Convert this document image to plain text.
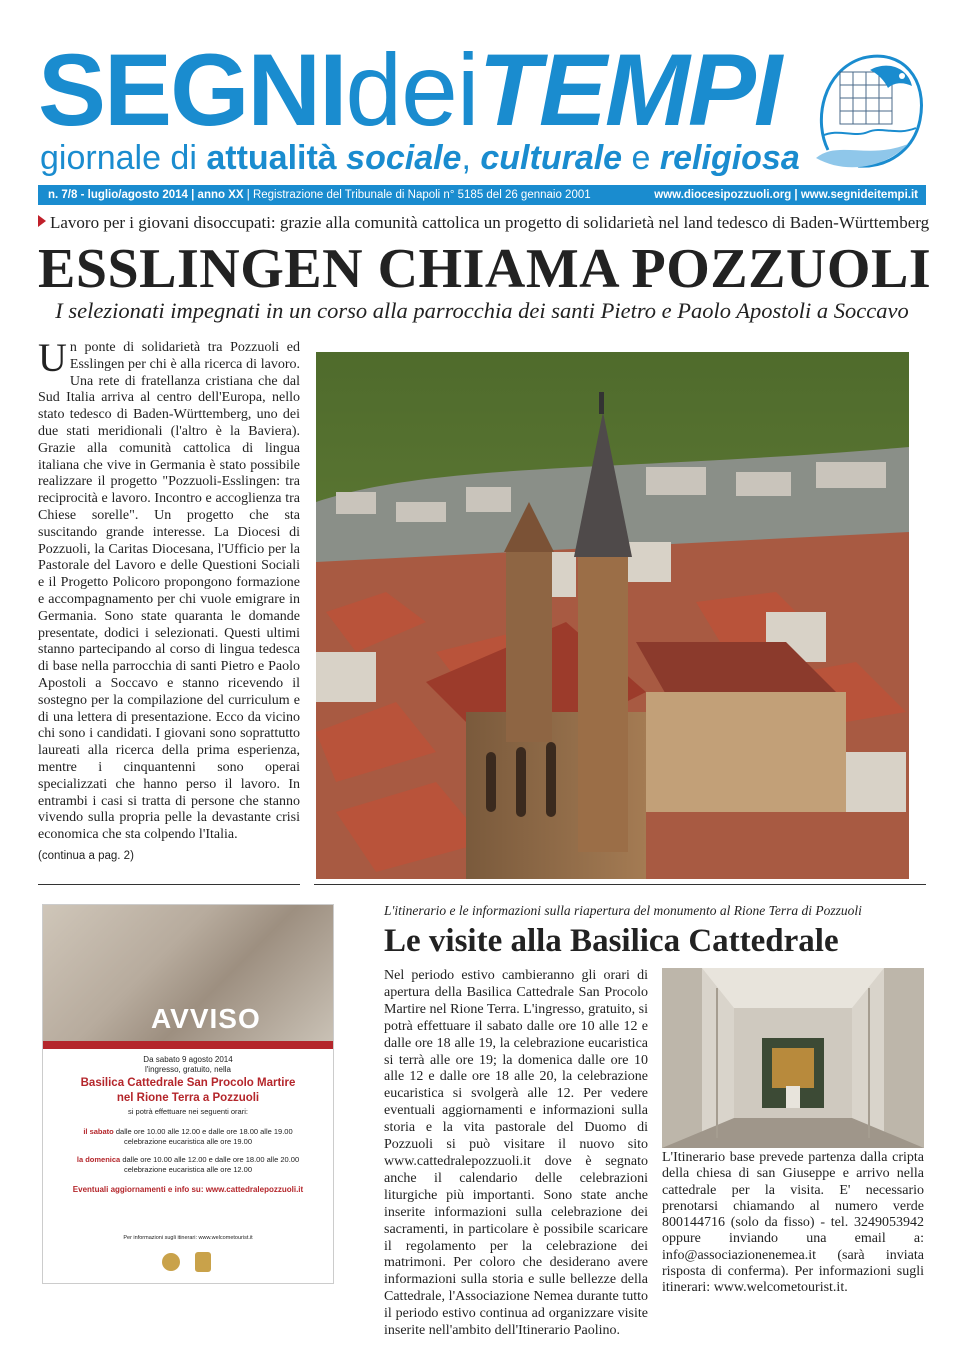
SEGNIdeiTEMPI
giornale di attualità sociale, culturale e religiosa
n. 7/8 - luglio/agosto 2014 | anno XX | Registrazione del Tribunale di Napoli n° 5185 del 26 gennaio 2001	www.diocesipozzuoli.org | www.segnideitempi.it
Lavoro per i giovani disoccupati: grazie alla comunità cattolica un progetto di solidarietà nel land tedesco di Baden-Württemberg
ESSLINGEN CHIAMA POZZUOLI
I selezionati impegnati in un corso alla parrocchia dei santi Pietro e Paolo Apostoli a Soccavo
Un ponte di solidarietà tra Pozzuoli ed Esslingen per chi è alla ricerca di lavoro. Una rete di fratellanza cristiana che dal Sud Italia arriva al centro dell'Europa, nello stato tedesco di Baden-Württemberg, uno dei due stati meridionali (l'altro è la Baviera). Grazie alla comunità cattolica di lingua italiana che vive in Germania è stato possibile realizzare il progetto "Pozzuoli-Esslingen: tra reciprocità e lavoro. Incontro e accoglienza tra Chiese sorelle". Un progetto che sta suscitando grande interesse. La Diocesi di Pozzuoli, la Caritas Diocesana, l'Ufficio per la Pastorale del Lavoro e delle Questioni Sociali e il Progetto Policoro propongono formazione e accompagnamento per chi vuole emigrare in Germania. Sono state quaranta le domande presentate, dodici i selezionati. Questi ultimi stanno partecipando al corso di lingua tedesca di base nella parrocchia di santi Pietro e Paolo Apostoli a Soccavo e stanno ricevendo il sostegno per la compilazione del curriculum e di una lettera di presentazione. Ecco da vicino chi sono i candidati. I giovani sono soprattutto laureati alla ricerca della prima esperienza, mentre i cinquantenni sono operai specializzati che hanno perso il lavoro. In entrambi i casi si tratta di persone che stanno vivendo sulla propria pelle la devastante crisi economica che sta colpendo l'Italia.
(continua a pag. 2)
AVVISO
Da sabato 9 agosto 2014
l'ingresso, gratuito, nella
Basilica Cattedrale San Procolo Martire
nel Rione Terra a Pozzuoli
si potrà effettuare nei seguenti orari:
il sabato dalle ore 10.00 alle 12.00 e dalle ore 18.00 alle 19.00
celebrazione eucaristica alle ore 19.00
la domenica dalle ore 10.00 alle 12.00 e dalle ore 18.00 alle 20.00
celebrazione eucaristica alle ore 12.00
Eventuali aggiornamenti e info su: www.cattedralepozzuoli.it
Per informazioni sugli itinerari: www.welcometourist.it
L'itinerario e le informazioni sulla riapertura del monumento al Rione Terra di Pozzuoli
Le visite alla Basilica Cattedrale
Nel periodo estivo cambieranno gli orari di apertura della Basilica Cattedrale San Procolo Martire nel Rione Terra. L'ingresso, gratuito, si potrà effettuare il sabato dalle ore 10 alle 12 e dalle ore 18 alle 19, la celebrazione eucaristica si terrà alle ore 19; la domenica dalle ore 10 alle 12 e dalle ore 18 alle 20, la celebrazione eucaristica si svolgerà alle 12. Per vedere eventuali aggiornamenti e informazioni sulla storia e la vita pastorale del Duomo di Pozzuoli si può visitare il nuovo sito www.cattedralepozzuoli.it dove è segnato anche il calendario delle celebrazioni liturgiche più importanti. Sono state anche inserite informazioni sulla celebrazione dei sacramenti, in particolare è possibile scaricare il regolamento per la celebrazione dei matrimoni. Per coloro che desiderano avere informazioni sulla storia e sulle bellezze della Cattedrale, l'Associazione Nemea durante tutto il periodo estivo continua ad organizzare visite inserite nell'ambito dell'Itinerario Paolino.
L'Itinerario base prevede partenza dalla cripta della chiesa di san Giuseppe e arrivo nella cattedrale per la visita. E' necessario prenotarsi chiamando al numero verde 800144716 (solo da fisso) - tel. 3249053942 oppure inviando una email a: info@associazionenemea.it (sarà inviata risposta di conferma). Per informazioni sugli itinerari: www.welcometourist.it.
